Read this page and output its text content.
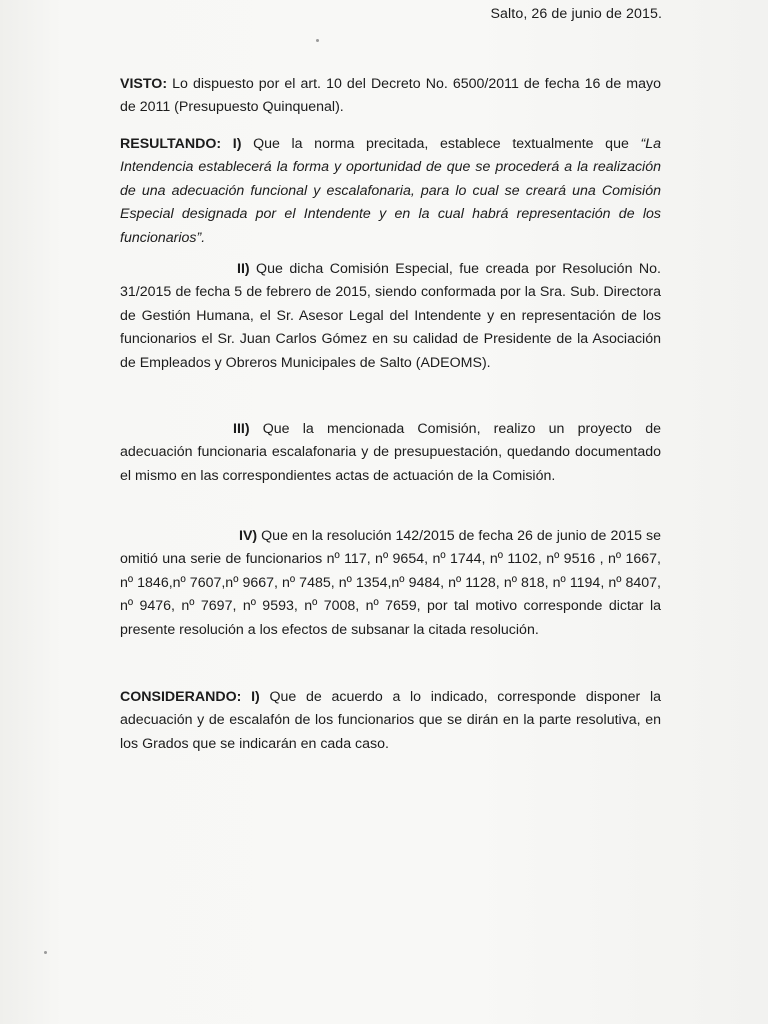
Salto, 26 de junio de 2015.

VISTO: Lo dispuesto por el art. 10 del Decreto No. 6500/2011 de fecha 16 de mayo de 2011 (Presupuesto Quinquenal).

RESULTANDO: I) Que la norma precitada, establece textualmente que “La Intendencia establecerá la forma y oportunidad de que se procederá a la realización de una adecuación funcional y escalafonaria, para lo cual se creará una Comisión Especial designada por el Intendente y en la cual habrá representación de los funcionarios”.

II) Que dicha Comisión Especial, fue creada por Resolución No. 31/2015 de fecha 5 de febrero de 2015, siendo conformada por la Sra. Sub. Directora de Gestión Humana, el Sr. Asesor Legal del Intendente y en representación de los funcionarios el Sr. Juan Carlos Gómez en su calidad de Presidente de la Asociación de Empleados y Obreros Municipales de Salto (ADEOMS).

III) Que la mencionada Comisión, realizo un proyecto de adecuación funcionaria escalafonaria y de presupuestación, quedando documentado el mismo en las correspondientes actas de actuación de la Comisión.

IV) Que en la resolución 142/2015 de fecha 26 de junio de 2015 se omitió una serie de funcionarios nº 117, nº 9654, nº 1744, nº 1102, nº 9516 , nº 1667, nº 1846,nº 7607,nº 9667, nº 7485, nº 1354,nº 9484, nº 1128, nº 818, nº 1194, nº 8407, nº 9476, nº 7697, nº 9593, nº 7008, nº 7659, por tal motivo corresponde dictar la presente resolución a los efectos de subsanar la citada resolución.

CONSIDERANDO: I) Que de acuerdo a lo indicado, corresponde disponer la adecuación y de escalafón de los funcionarios que se dirán en la parte resolutiva, en los Grados que se indicarán en cada caso.
